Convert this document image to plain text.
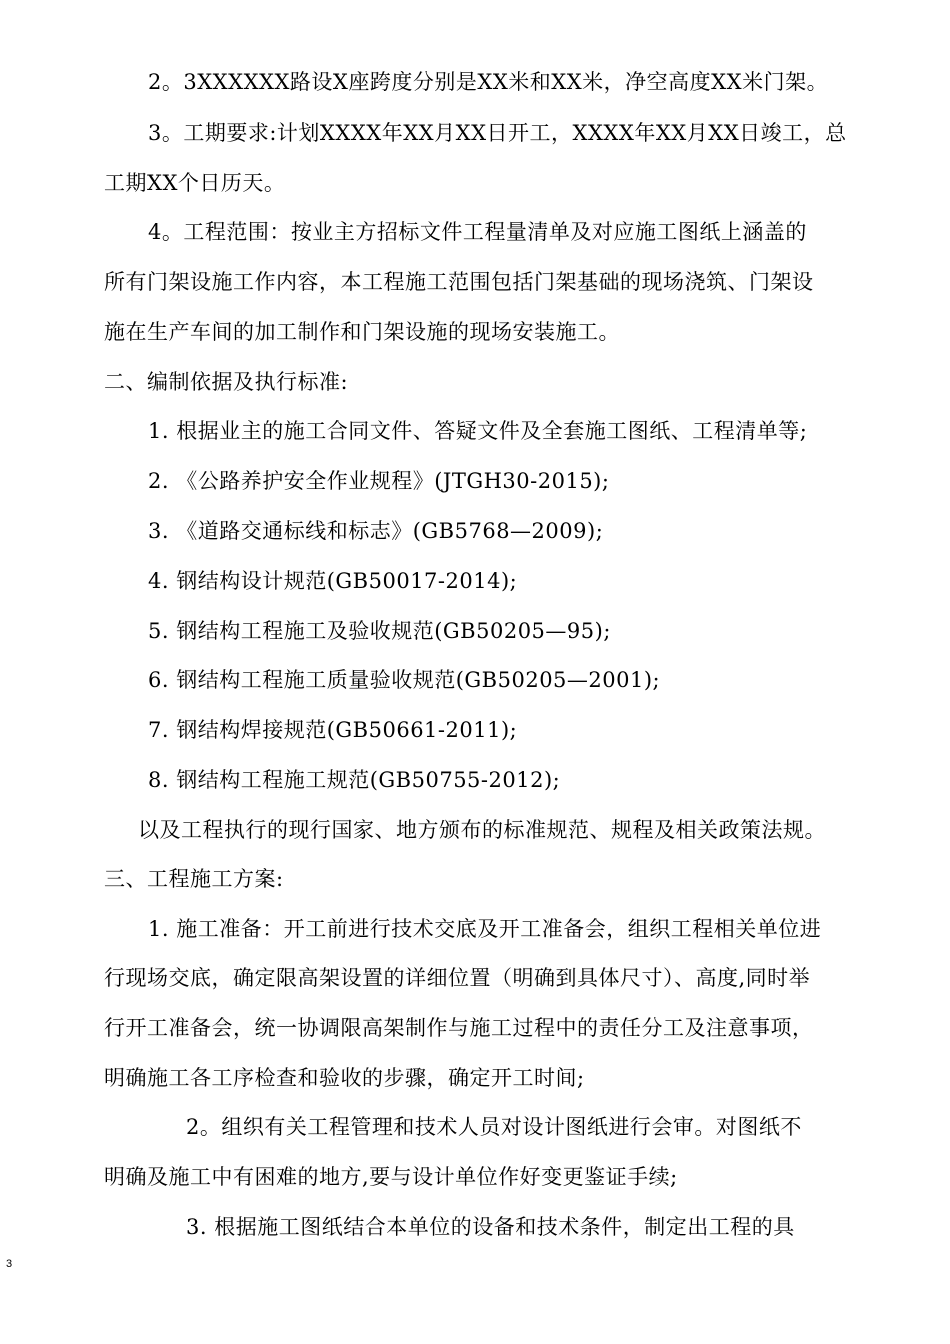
2。3XXXXXX路设X座跨度分别是XX米和XX米，净空高度XX米门架。
3。工期要求:计划XXXX年XX月XX日开工，XXXX年XX月XX日竣工，总
工期XX个日历天。
4。工程范围：按业主方招标文件工程量清单及对应施工图纸上涵盖的
所有门架设施工作内容，本工程施工范围包括门架基础的现场浇筑、门架设
施在生产车间的加工制作和门架设施的现场安装施工。
二、编制依据及执行标准:
1. 根据业主的施工合同文件、答疑文件及全套施工图纸、工程清单等;
2. 《公路养护安全作业规程》(JTGH30-2015);
3. 《道路交通标线和标志》(GB5768—2009);
4. 钢结构设计规范(GB50017-2014);
5. 钢结构工程施工及验收规范(GB50205—95);
6. 钢结构工程施工质量验收规范(GB50205—2001);
7. 钢结构焊接规范(GB50661-2011);
8. 钢结构工程施工规范(GB50755-2012);
以及工程执行的现行国家、地方颁布的标准规范、规程及相关政策法规。
三、工程施工方案:
1. 施工准备：开工前进行技术交底及开工准备会，组织工程相关单位进
行现场交底，确定限高架设置的详细位置（明确到具体尺寸）、高度,同时举
行开工准备会，统一协调限高架制作与施工过程中的责任分工及注意事项，
明确施工各工序检查和验收的步骤，确定开工时间;
2。组织有关工程管理和技术人员对设计图纸进行会审。对图纸不
明确及施工中有困难的地方,要与设计单位作好变更鉴证手续;
3. 根据施工图纸结合本单位的设备和技术条件，制定出工程的具
3
